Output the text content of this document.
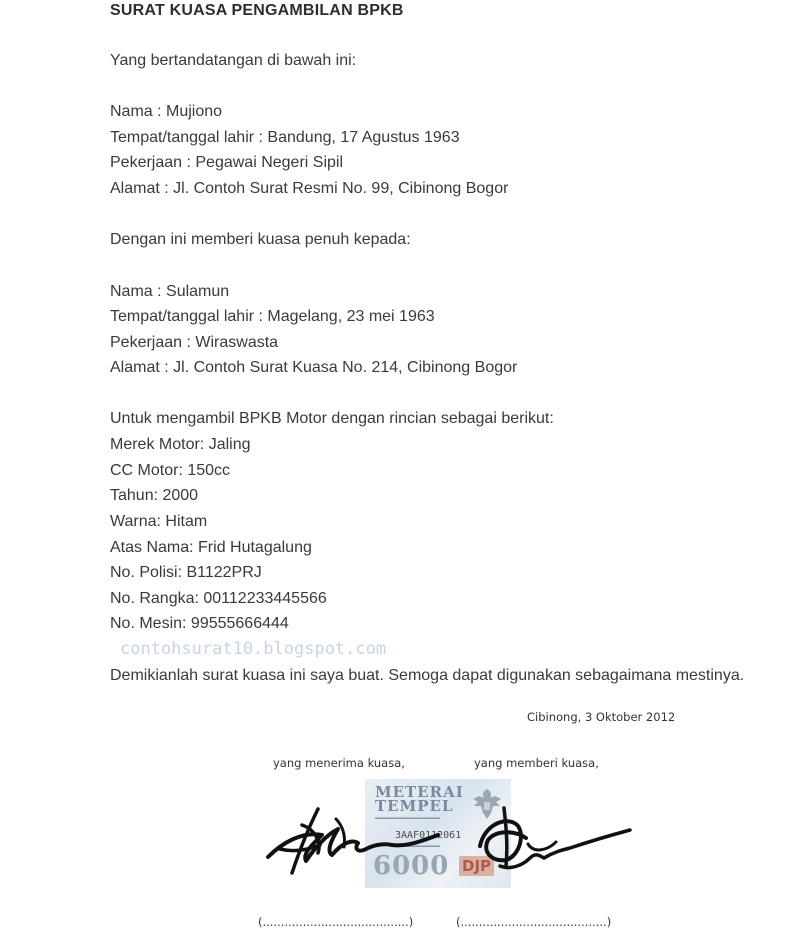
SURAT KUASA PENGAMBILAN BPKB
Yang bertandatangan di bawah ini:
Nama : Mujiono
Tempat/tanggal lahir : Bandung, 17 Agustus 1963
Pekerjaan : Pegawai Negeri Sipil
Alamat : Jl. Contoh Surat Resmi No. 99, Cibinong Bogor
Dengan ini memberi kuasa penuh kepada:
Nama : Sulamun
Tempat/tanggal lahir : Magelang, 23 mei 1963
Pekerjaan : Wiraswasta
Alamat : Jl. Contoh Surat Kuasa No. 214, Cibinong Bogor
Untuk mengambil BPKB Motor dengan rincian sebagai berikut:
Merek Motor: Jaling
CC Motor: 150cc
Tahun: 2000
Warna: Hitam
Atas Nama: Frid Hutagalung
No. Polisi: B1122PRJ
No. Rangka: 00112233445566
No. Mesin: 99555666444
contohsurat10.blogspot.com
Demikianlah surat kuasa ini saya buat. Semoga dapat digunakan sebagaimana mestinya.
Cibinong, 3 Oktober 2012
yang menerima kuasa,	yang memberi kuasa,
METERAI
TEMPEL
▬▬▬▬▬▬▬▬▬▬▬▬▬
3AAF0112061
▬▬▬▬▬▬▬▬▬
6000 DJP
(........................................)	(........................................)
